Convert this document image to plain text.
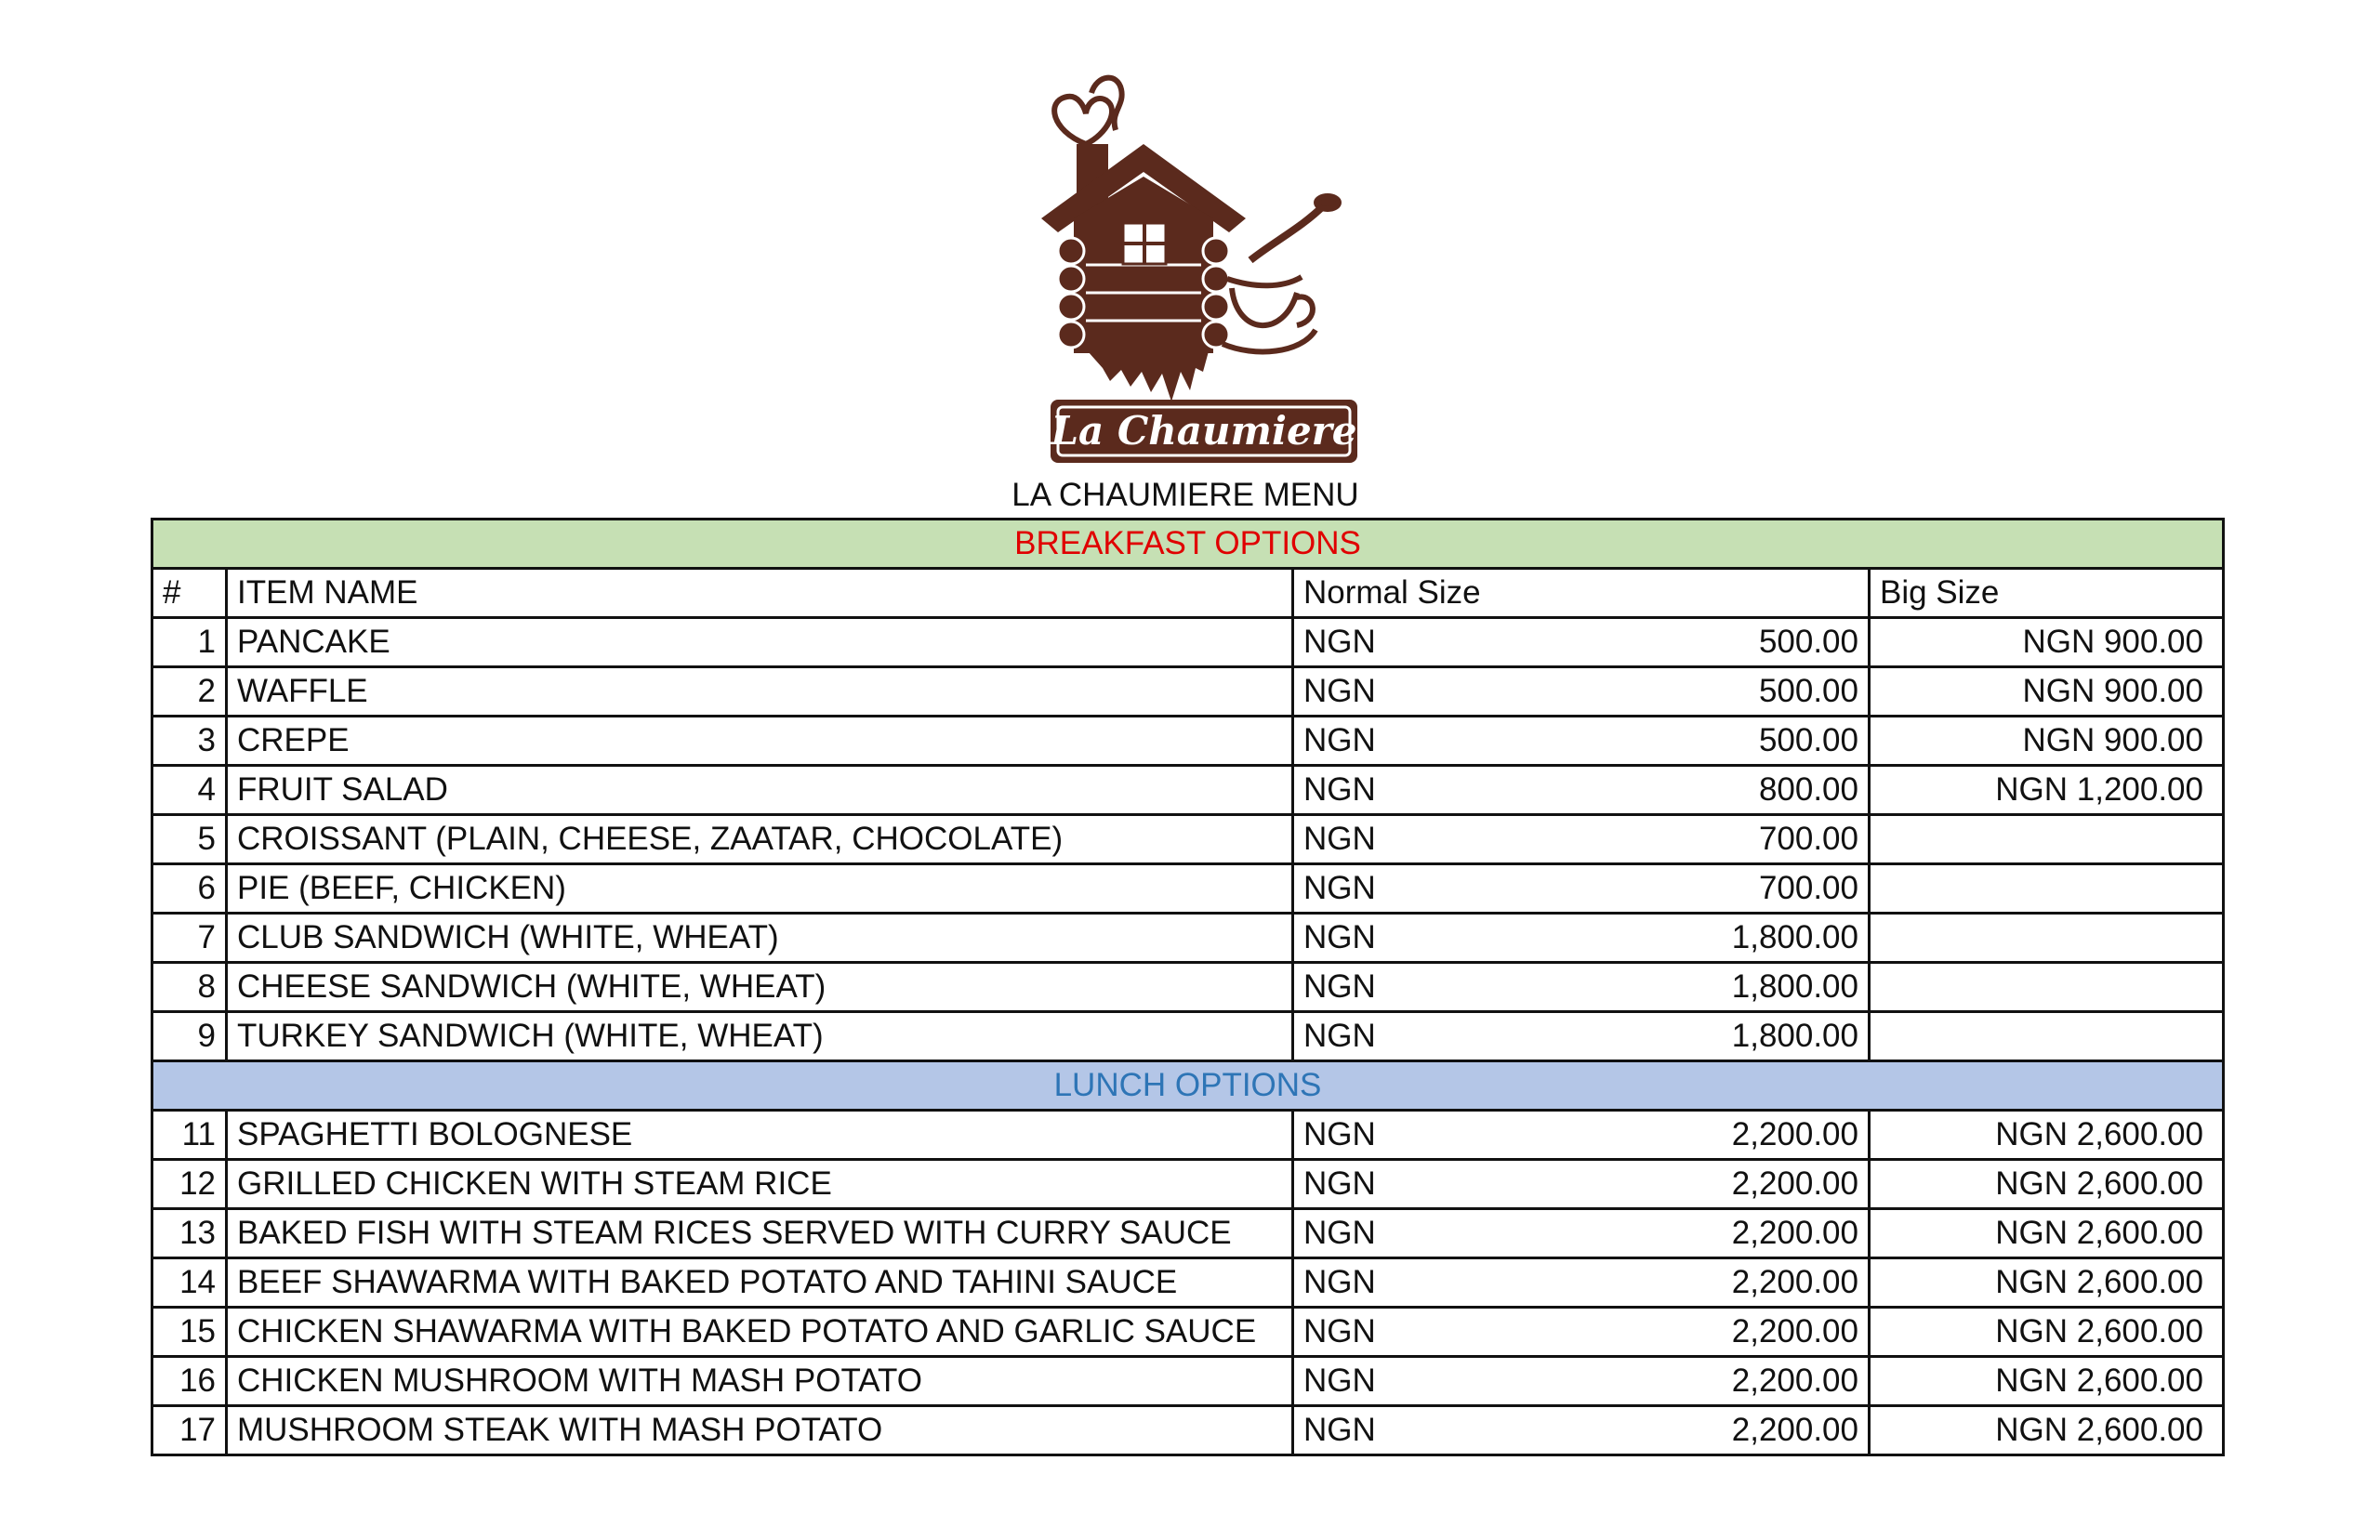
La Chaumiere
LA CHAUMIERE MENU
BREAKFAST OPTIONS				
#	ITEM NAME	Normal Size		Big Size
1	PANCAKE	NGN	500.00	NGN 900.00
2	WAFFLE	NGN	500.00	NGN 900.00
3	CREPE	NGN	500.00	NGN 900.00
4	FRUIT SALAD	NGN	800.00	NGN 1,200.00
5	CROISSANT (PLAIN, CHEESE, ZAATAR, CHOCOLATE)	NGN	700.00	

6	PIE (BEEF, CHICKEN)	NGN	700.00	

7	CLUB SANDWICH (WHITE, WHEAT)	NGN	1,800.00	

8	CHEESE SANDWICH (WHITE, WHEAT)	NGN	1,800.00	

9	TURKEY SANDWICH (WHITE, WHEAT)	NGN	1,800.00	

LUNCH OPTIONS				
11	SPAGHETTI BOLOGNESE	NGN	2,200.00	NGN 2,600.00
12	GRILLED CHICKEN WITH STEAM RICE	NGN	2,200.00	NGN 2,600.00
13	BAKED FISH WITH STEAM RICES SERVED WITH CURRY SAUCE	NGN	2,200.00	NGN 2,600.00
14	BEEF SHAWARMA WITH BAKED POTATO AND TAHINI SAUCE	NGN	2,200.00	NGN 2,600.00
15	CHICKEN SHAWARMA WITH BAKED POTATO AND GARLIC SAUCE	NGN	2,200.00	NGN 2,600.00
16	CHICKEN MUSHROOM WITH MASH POTATO	NGN	2,200.00	NGN 2,600.00
17	MUSHROOM STEAK WITH MASH POTATO	NGN	2,200.00	NGN 2,600.00
